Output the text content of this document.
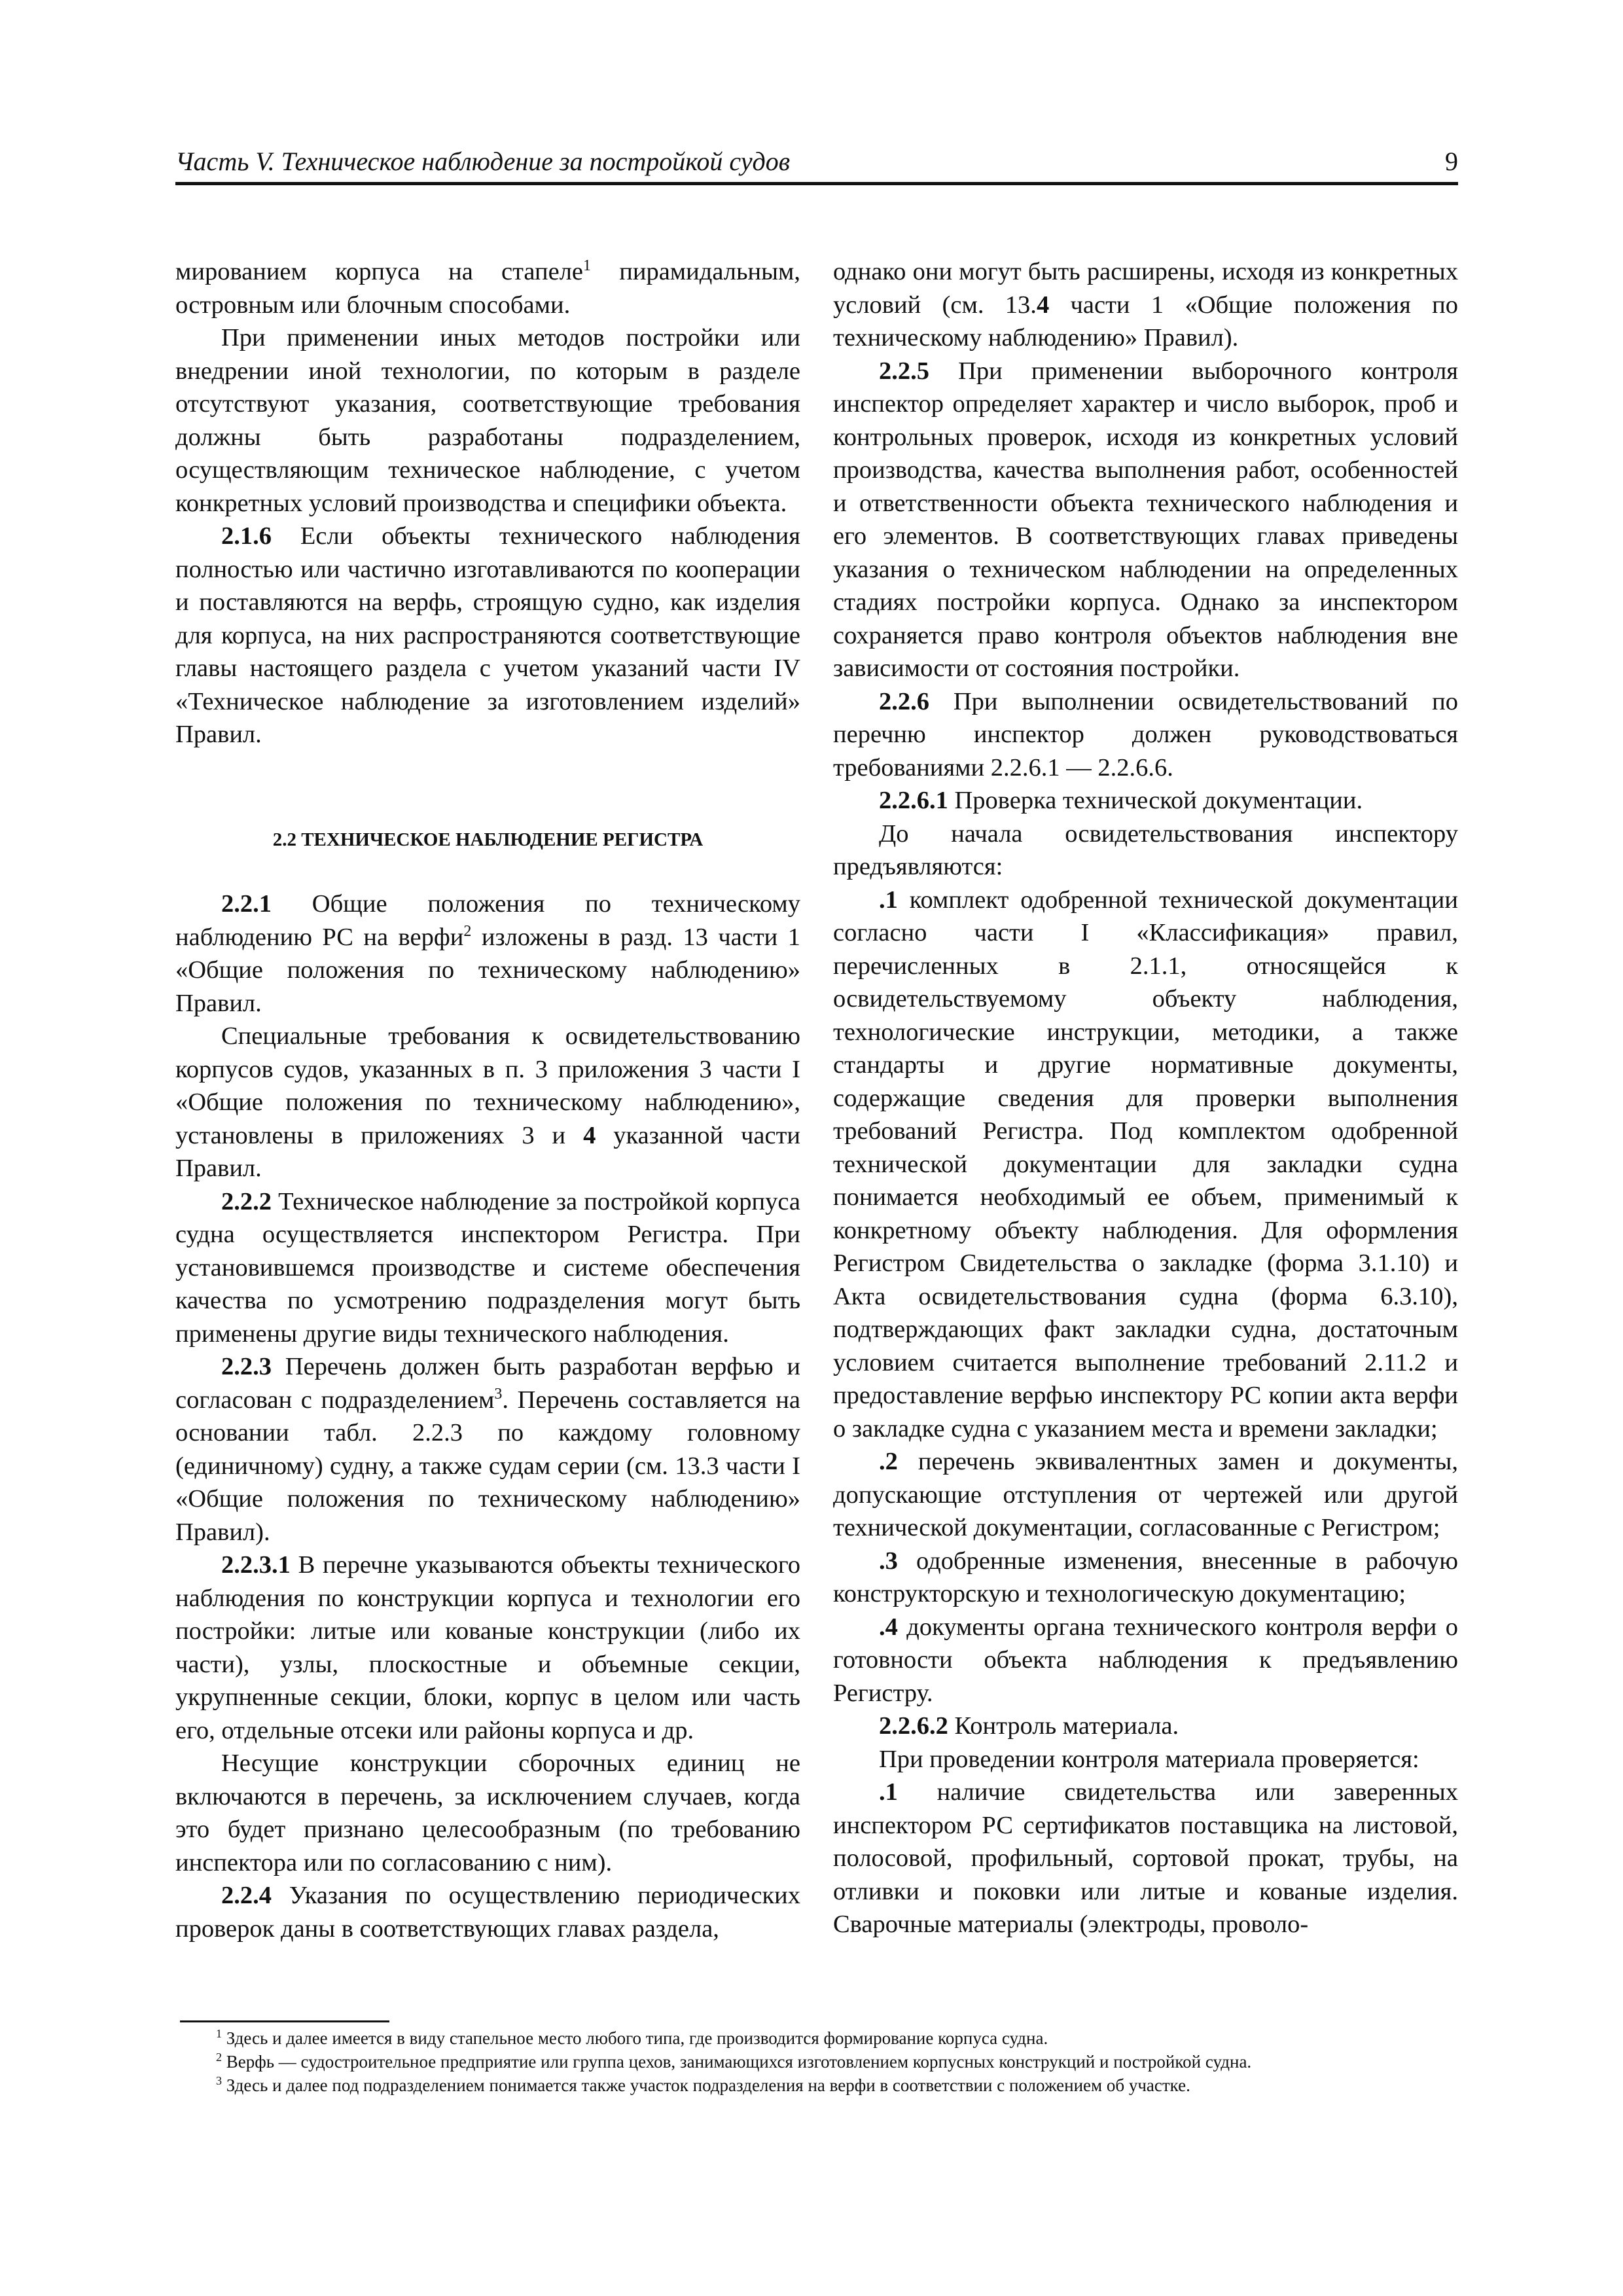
Часть V. Техническое наблюдение за постройкой судов	9

мированием корпуса на стапеле$^1$ пирамидальным, островным или блочным способами.

При применении иных методов постройки или внедрении иной технологии, по которым в разделе отсутствуют указания, соответствующие требования должны быть разработаны подразделением, осуществляющим техническое наблюдение, с учетом конкретных условий производства и специфики объекта.

2.1.6 Если объекты технического наблюдения полностью или частично изготавливаются по кооперации и поставляются на верфь, строящую судно, как изделия для корпуса, на них распространяются соответствующие главы настоящего раздела с учетом указаний части IV «Техническое наблюдение за изготовлением изделий» Правил.

2.2 ТЕХНИЧЕСКОЕ НАБЛЮДЕНИЕ РЕГИСТРА

2.2.1 Общие положения по техническому наблюдению РС на верфи$^2$ изложены в разд. 13 части 1 «Общие положения по техническому наблюдению» Правил.

Специальные требования к освидетельствованию корпусов судов, указанных в п. 3 приложения 3 части I «Общие положения по техническому наблюдению», установлены в приложениях 3 и 4 указанной части Правил.

2.2.2 Техническое наблюдение за постройкой корпуса судна осуществляется инспектором Регистра. При установившемся производстве и системе обеспечения качества по усмотрению подразделения могут быть применены другие виды технического наблюдения.

2.2.3 Перечень должен быть разработан верфью и согласован с подразделением$^3$. Перечень составляется на основании табл. 2.2.3 по каждому головному (единичному) судну, а также судам серии (см. 13.3 части I «Общие положения по техническому наблюдению» Правил).

2.2.3.1 В перечне указываются объекты технического наблюдения по конструкции корпуса и технологии его постройки: литые или кованые конструкции (либо их части), узлы, плоскостные и объемные секции, укрупненные секции, блоки, корпус в целом или часть его, отдельные отсеки или районы корпуса и др.

Несущие конструкции сборочных единиц не включаются в перечень, за исключением случаев, когда это будет признано целесообразным (по требованию инспектора или по согласованию с ним).

2.2.4 Указания по осуществлению периодических проверок даны в соответствующих главах раздела,

однако они могут быть расширены, исходя из конкретных условий (см. 13.4 части 1 «Общие положения по техническому наблюдению» Правил).

2.2.5 При применении выборочного контроля инспектор определяет характер и число выборок, проб и контрольных проверок, исходя из конкретных условий производства, качества выполнения работ, особенностей и ответственности объекта технического наблюдения и его элементов. В соответствующих главах приведены указания о техническом наблюдении на определенных стадиях постройки корпуса. Однако за инспектором сохраняется право контроля объектов наблюдения вне зависимости от состояния постройки.

2.2.6 При выполнении освидетельствований по перечню инспектор должен руководствоваться требованиями 2.2.6.1 — 2.2.6.6.

2.2.6.1 Проверка технической документации.

До начала освидетельствования инспектору предъявляются:

.1 комплект одобренной технической документации согласно части I «Классификация» правил, перечисленных в 2.1.1, относящейся к освидетельствуемому объекту наблюдения, технологические инструкции, методики, а также стандарты и другие нормативные документы, содержащие сведения для проверки выполнения требований Регистра. Под комплектом одобренной технической документации для закладки судна понимается необходимый ее объем, применимый к конкретному объекту наблюдения. Для оформления Регистром Свидетельства о закладке (форма 3.1.10) и Акта освидетельствования судна (форма 6.3.10), подтверждающих факт закладки судна, достаточным условием считается выполнение требований 2.11.2 и предоставление верфью инспектору РС копии акта верфи о закладке судна с указанием места и времени закладки;

.2 перечень эквивалентных замен и документы, допускающие отступления от чертежей или другой технической документации, согласованные с Регистром;

.3 одобренные изменения, внесенные в рабочую конструкторскую и технологическую документацию;

.4 документы органа технического контроля верфи о готовности объекта наблюдения к предъявлению Регистру.

2.2.6.2 Контроль материала.

При проведении контроля материала проверяется:

.1 наличие свидетельства или заверенных инспектором РС сертификатов поставщика на листовой, полосовой, профильный, сортовой прокат, трубы, на отливки и поковки или литые и кованые изделия. Сварочные материалы (электроды, проволо-

$^1$ Здесь и далее имеется в виду стапельное место любого типа, где производится формирование корпуса судна.
$^2$ Верфь — судостроительное предприятие или группа цехов, занимающихся изготовлением корпусных конструкций и постройкой судна.
$^3$ Здесь и далее под подразделением понимается также участок подразделения на верфи в соответствии с положением об участке.
